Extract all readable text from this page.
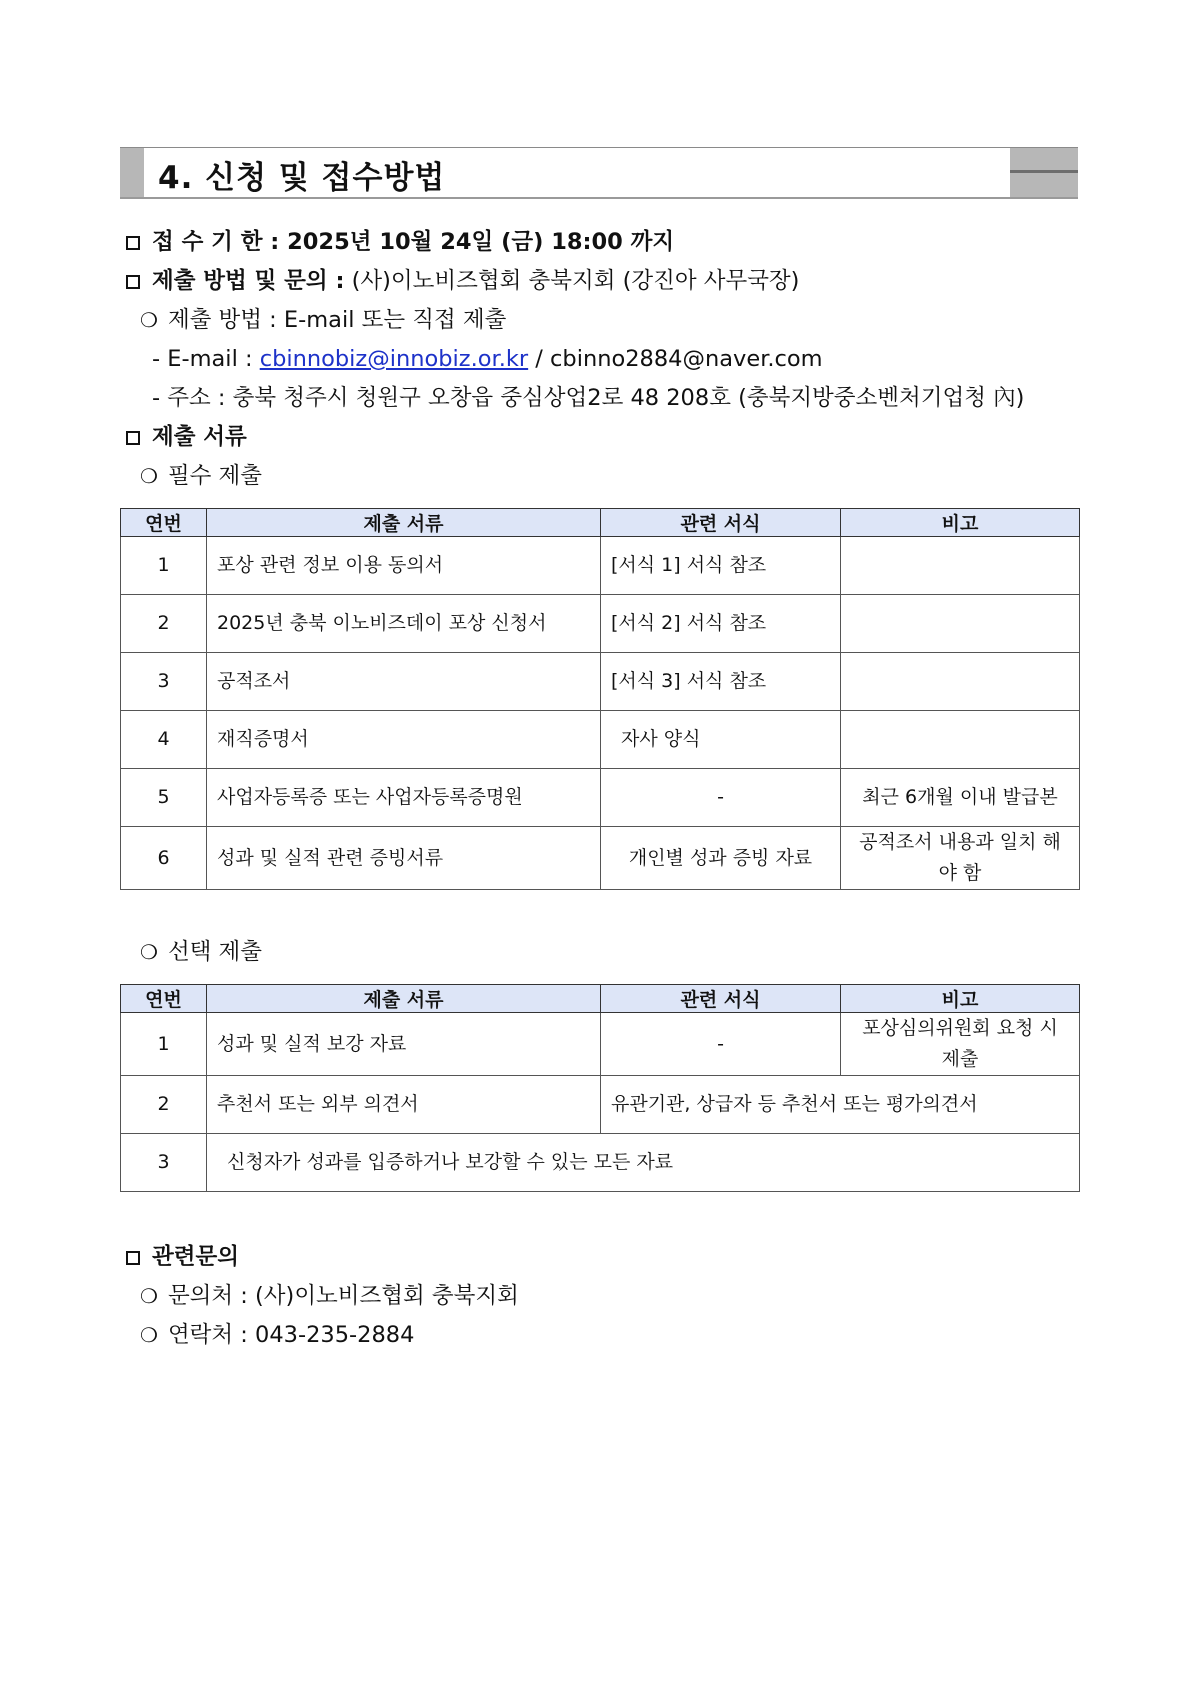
4. 신청 및 접수방법
접 수 기 한 : 2025년 10월 24일 (금) 18:00 까지
제출 방법 및 문의 : (사)이노비즈협회 충북지회 (강진아 사무국장)
❍ 제출 방법 : E-mail 또는 직접 제출
- E-mail : cbinnobiz@innobiz.or.kr / cbinno2884@naver.com
- 주소 : 충북 청주시 청원구 오창읍 중심상업2로 48 208호 (충북지방중소벤처기업청 內)
제출 서류
❍ 필수 제출
연번	제출 서류	관련 서식	비고
1	포상 관련 정보 이용 동의서	[서식 1] 서식 참조	
2	2025년 충북 이노비즈데이 포상 신청서	[서식 2] 서식 참조	
3	공적조서	[서식 3] 서식 참조	
4	재직증명서	자사 양식	
5	사업자등록증 또는 사업자등록증명원	-	최근 6개월 이내 발급본
6	성과 및 실적 관련 증빙서류	개인별 성과 증빙 자료	공적조서 내용과 일치 해야 함
❍ 선택 제출
연번	제출 서류	관련 서식	비고
1	성과 및 실적 보강 자료	-	포상심의위원회 요청 시 제출
2	추천서 또는 외부 의견서	유관기관, 상급자 등 추천서 또는 평가의견서	
3	신청자가 성과를 입증하거나 보강할 수 있는 모든 자료		
관련문의
❍ 문의처 : (사)이노비즈협회 충북지회
❍ 연락처 : 043-235-2884
